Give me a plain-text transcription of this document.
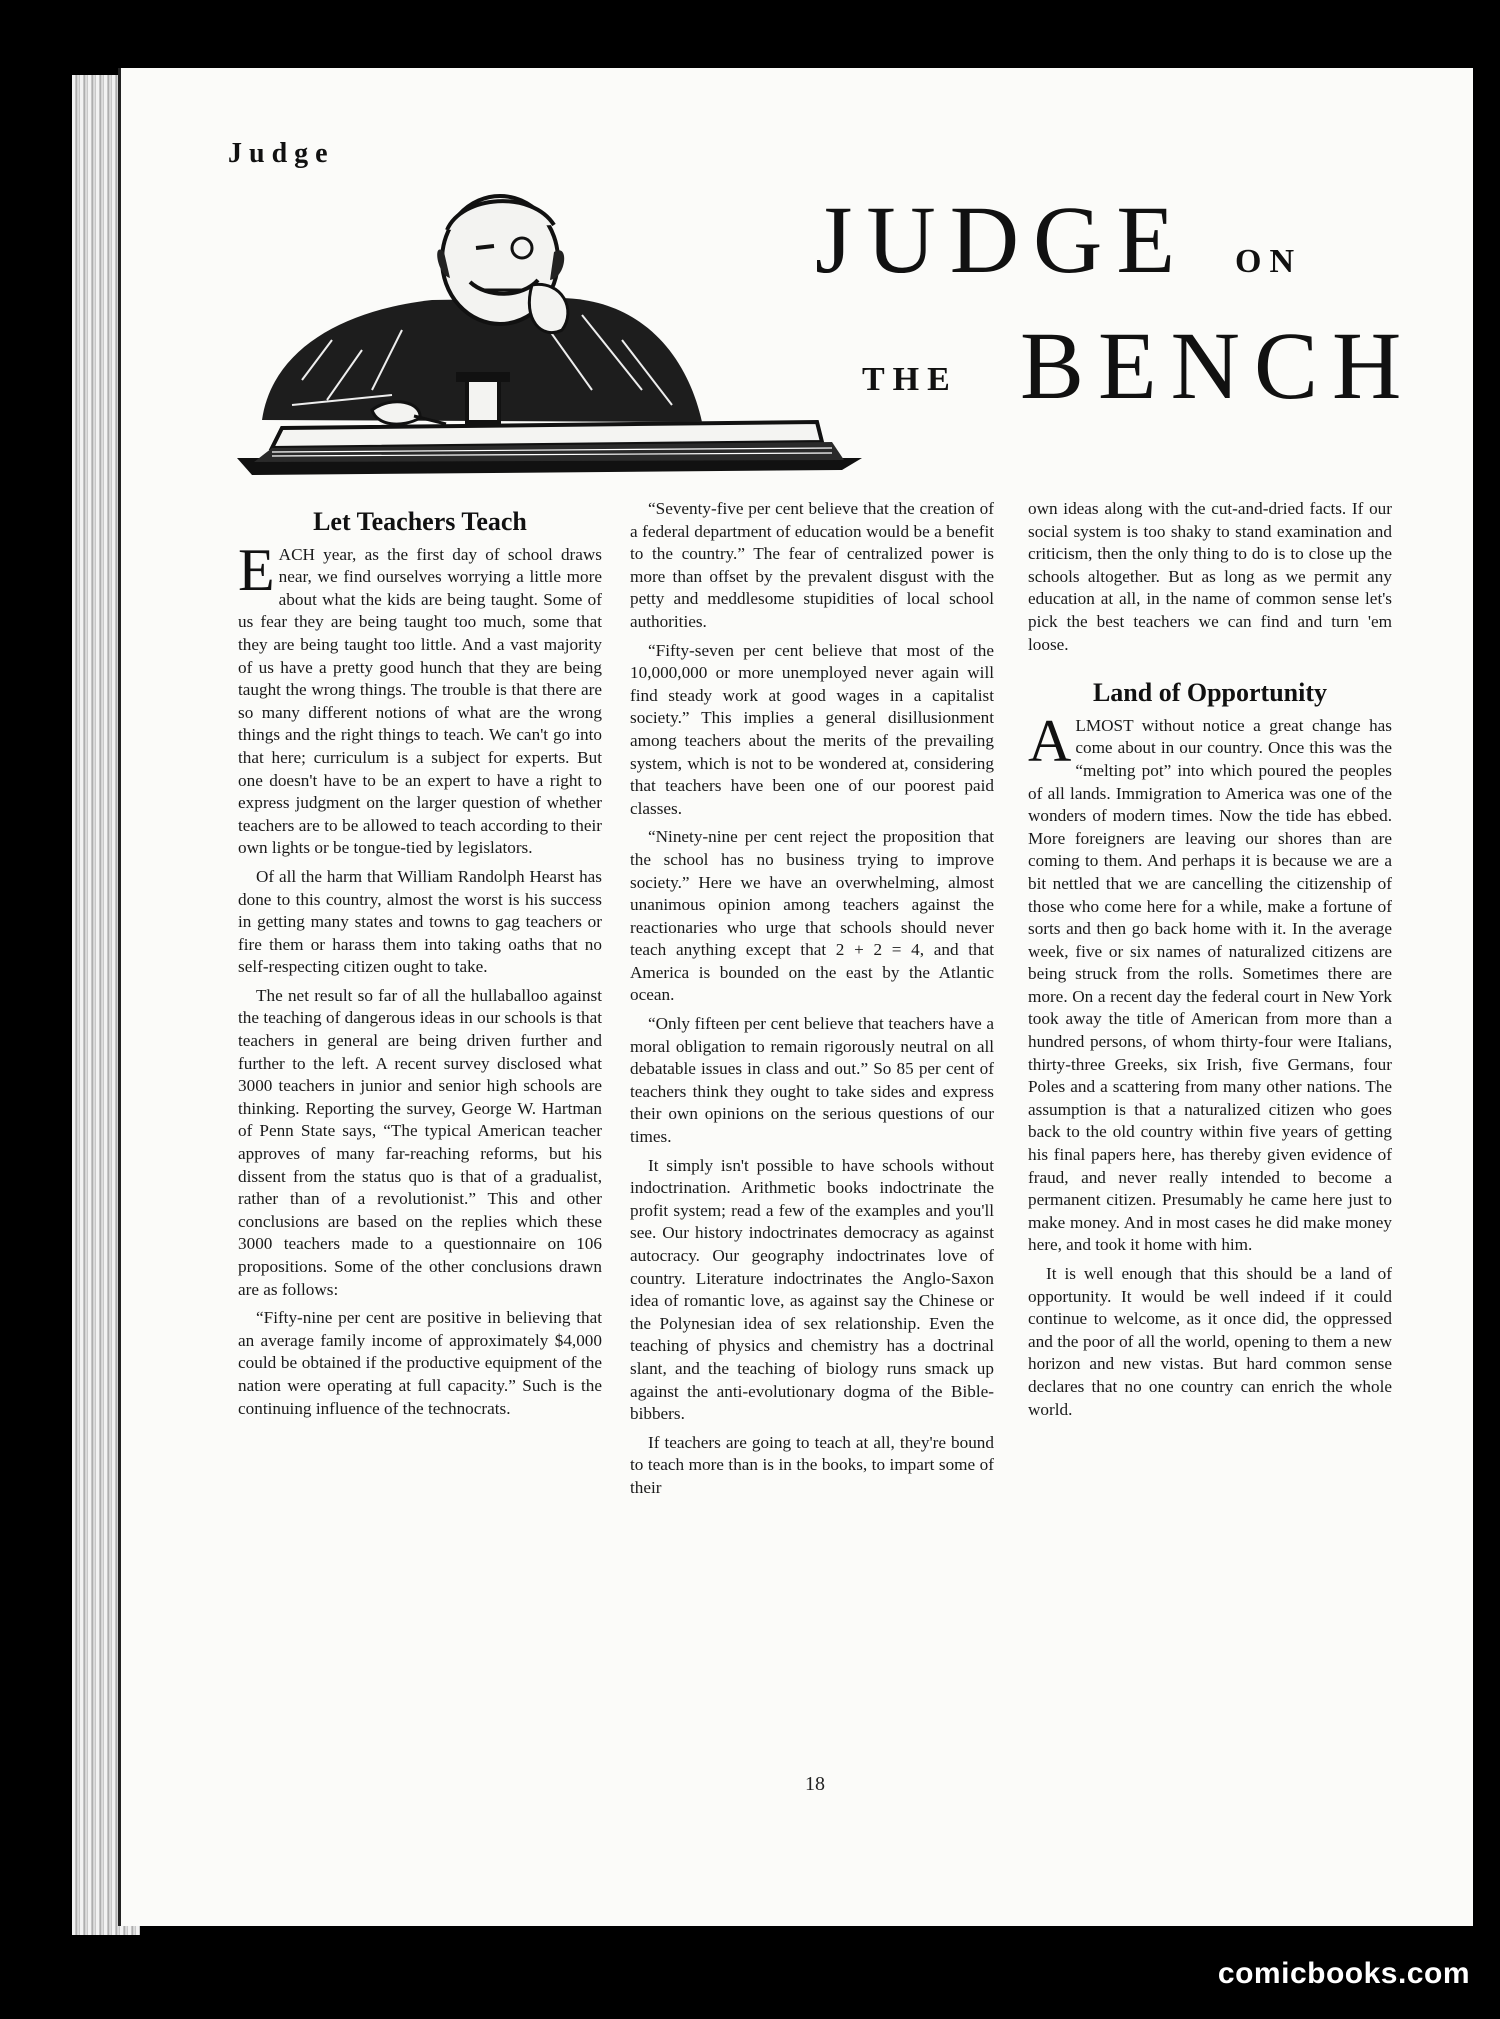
Judge
JUDGE ON
THE BENCH
Let Teachers Teach

EACH year, as the first day of school draws near, we find ourselves worrying a little more about what the kids are being taught. Some of us fear they are being taught too much, some that they are being taught too little. And a vast majority of us have a pretty good hunch that they are being taught the wrong things. The trouble is that there are so many different notions of what are the wrong things and the right things to teach. We can't go into that here; curriculum is a subject for experts. But one doesn't have to be an expert to have a right to express judgment on the larger question of whether teachers are to be allowed to teach according to their own lights or be tongue-tied by legislators.

Of all the harm that William Randolph Hearst has done to this country, almost the worst is his success in getting many states and towns to gag teachers or fire them or harass them into taking oaths that no self-respecting citizen ought to take.

The net result so far of all the hullaballoo against the teaching of dangerous ideas in our schools is that teachers in general are being driven further and further to the left. A recent survey disclosed what 3000 teachers in junior and senior high schools are thinking. Reporting the survey, George W. Hartman of Penn State says, “The typical American teacher approves of many far-reaching reforms, but his dissent from the status quo is that of a gradualist, rather than of a revolutionist.” This and other conclusions are based on the replies which these 3000 teachers made to a questionnaire on 106 propositions. Some of the other conclusions drawn are as follows:

“Fifty-nine per cent are positive in believing that an average family income of approximately $4,000 could be obtained if the productive equipment of the nation were operating at full capacity.” Such is the continuing influence of the technocrats.

“Seventy-five per cent believe that the creation of a federal department of education would be a benefit to the country.” The fear of centralized power is more than offset by the prevalent disgust with the petty and meddlesome stupidities of local school authorities.

“Fifty-seven per cent believe that most of the 10,000,000 or more unemployed never again will find steady work at good wages in a capitalist society.” This implies a general disillusionment among teachers about the merits of the prevailing system, which is not to be wondered at, considering that teachers have been one of our poorest paid classes.

“Ninety-nine per cent reject the proposition that the school has no business trying to improve society.” Here we have an overwhelming, almost unanimous opinion among teachers against the reactionaries who urge that schools should never teach anything except that 2 + 2 = 4, and that America is bounded on the east by the Atlantic ocean.

“Only fifteen per cent believe that teachers have a moral obligation to remain rigorously neutral on all debatable issues in class and out.” So 85 per cent of teachers think they ought to take sides and express their own opinions on the serious questions of our times.

It simply isn't possible to have schools without indoctrination. Arithmetic books indoctrinate the profit system; read a few of the examples and you'll see. Our history indoctrinates democracy as against autocracy. Our geography indoctrinates love of country. Literature indoctrinates the Anglo-Saxon idea of romantic love, as against say the Chinese or the Polynesian idea of sex relationship. Even the teaching of physics and chemistry has a doctrinal slant, and the teaching of biology runs smack up against the anti-evolutionary dogma of the Bible-bibbers.

If teachers are going to teach at all, they're bound to teach more than is in the books, to impart some of their

own ideas along with the cut-and-dried facts. If our social system is too shaky to stand examination and criticism, then the only thing to do is to close up the schools altogether. But as long as we permit any education at all, in the name of common sense let's pick the best teachers we can find and turn 'em loose.

Land of Opportunity

ALMOST without notice a great change has come about in our country. Once this was the “melting pot” into which poured the peoples of all lands. Immigration to America was one of the wonders of modern times. Now the tide has ebbed. More foreigners are leaving our shores than are coming to them. And perhaps it is because we are a bit nettled that we are cancelling the citizenship of those who come here for a while, make a fortune of sorts and then go back home with it. In the average week, five or six names of naturalized citizens are being struck from the rolls. Sometimes there are more. On a recent day the federal court in New York took away the title of American from more than a hundred persons, of whom thirty-four were Italians, thirty-three Greeks, six Irish, five Germans, four Poles and a scattering from many other nations. The assumption is that a naturalized citizen who goes back to the old country within five years of getting his final papers here, has thereby given evidence of fraud, and never really intended to become a permanent citizen. Presumably he came here just to make money. And in most cases he did make money here, and took it home with him.

It is well enough that this should be a land of opportunity. It would be well indeed if it could continue to welcome, as it once did, the oppressed and the poor of all the world, opening to them a new horizon and new vistas. But hard common sense declares that no one country can enrich the whole world.

18
comicbooks.com
